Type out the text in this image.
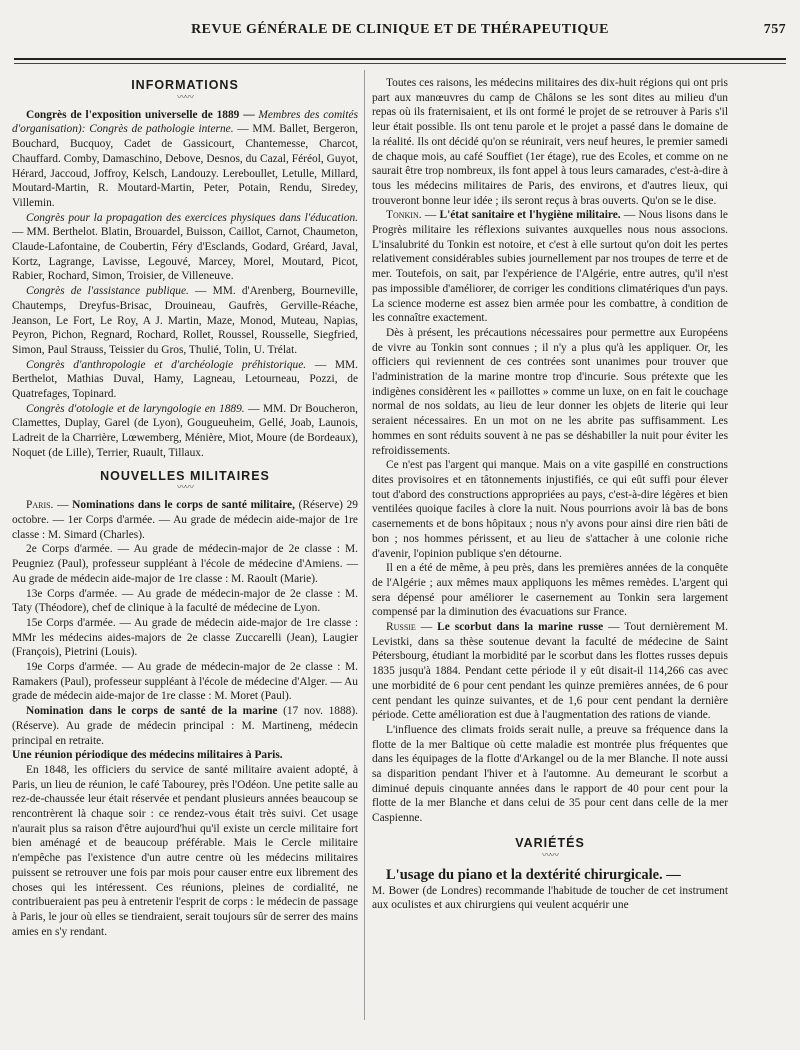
REVUE GÉNÉRALE DE CLINIQUE ET DE THÉRAPEUTIQUE	757
INFORMATIONS
〰〰

Congrès de l'exposition universelle de 1889 — Membres des comités d'organisation): Congrès de pathologie interne. — MM. Ballet, Bergeron, Bouchard, Bucquoy, Cadet de Gassicourt, Chantemesse, Charcot, Chauffard. Comby, Damaschino, Debove, Desnos, du Cazal, Féréol, Guyot, Hérard, Jaccoud, Joffroy, Kelsch, Landouzy. Lereboullet, Letulle, Millard, Moutard-Martin, R. Moutard-Martin, Peter, Potain, Rendu, Siredey, Villemin.

Congrès pour la propagation des exercices physiques dans l'éducation. — MM. Berthelot. Blatin, Brouardel, Buisson, Caillot, Carnot, Chaumeton, Claude-Lafontaine, de Coubertin, Féry d'Esclands, Godard, Gréard, Javal, Kortz, Lagrange, Lavisse, Legouvé, Marcey, Morel, Moutard, Picot, Rabier, Rochard, Simon, Troisier, de Villeneuve.

Congrès de l'assistance publique. — MM. d'Arenberg, Bourneville, Chautemps, Dreyfus-Brisac, Drouineau, Gaufrès, Gerville-Réache, Jeanson, Le Fort, Le Roy, A J. Martin, Maze, Monod, Muteau, Napias, Peyron, Pichon, Regnard, Rochard, Rollet, Roussel, Rousselle, Siegfried, Simon, Paul Strauss, Teissier du Gros, Thulié, Tolin, U. Trélat.

Congrès d'anthropologie et d'archéologie préhistorique. — MM. Berthelot, Mathias Duval, Hamy, Lagneau, Letourneau, Pozzi, de Quatrefages, Topinard.

Congrès d'otologie et de laryngologie en 1889. — MM. Dr Boucheron, Clamettes, Duplay, Garel (de Lyon), Gougueuheim, Gellé, Joab, Launois, Ladreit de la Charrière, Lœwemberg, Ménière, Miot, Moure (de Bordeaux), Noquet (de Lille), Terrier, Ruault, Tillaux.

NOUVELLES MILITAIRES
〰〰

Paris. — Nominations dans le corps de santé militaire, (Réserve) 29 octobre. — 1er Corps d'armée. — Au grade de médecin aide-major de 1re classe : M. Simard (Charles).

2e Corps d'armée. — Au grade de médecin-major de 2e classe : M. Peugniez (Paul), professeur suppléant à l'école de médecine d'Amiens. — Au grade de médecin aide-major de 1re classe : M. Raoult (Marie).

13e Corps d'armée. — Au grade de médecin-major de 2e classe : M. Taty (Théodore), chef de clinique à la faculté de médecine de Lyon.

15e Corps d'armée. — Au grade de médecin aide-major de 1re classe : MMr les médecins aides-majors de 2e classe Zuccarelli (Jean), Laugier (François), Pietrini (Louis).

19e Corps d'armée. — Au grade de médecin-major de 2e classe : M. Ramakers (Paul), professeur suppléant à l'école de médecine d'Alger. — Au grade de médecin aide-major de 1re classe : M. Moret (Paul).

Nomination dans le corps de santé de la marine (17 nov. 1888). (Réserve). Au grade de médecin principal : M. Martineng, médecin principal en retraite.

Une réunion périodique des médecins militaires à Paris.

En 1848, les officiers du service de santé militaire avaient adopté, à Paris, un lieu de réunion, le café Tabourey, près l'Odéon. Une petite salle au rez-de-chaussée leur était réservée et pendant plusieurs années beaucoup se rencontrèrent là chaque soir : ce rendez-vous était très suivi. Cet usage n'aurait plus sa raison d'être aujourd'hui qu'il existe un cercle militaire fort bien aménagé et de beaucoup préférable. Mais le Cercle militaire n'empêche pas l'existence d'un autre centre où les médecins militaires puissent se retrouver une fois par mois pour causer entre eux librement des choses qui les intéressent. Ces réunions, pleines de cordialité, ne contribueraient pas peu à entretenir l'esprit de corps : le médecin de passage à Paris, le jour où elles se tiendraient, serait toujours sûr de serrer des mains amies en s'y rendant.

Toutes ces raisons, les médecins militaires des dix-huit régions qui ont pris part aux manœuvres du camp de Châlons se les sont dites au milieu d'un repas où ils fraternisaient, et ils ont formé le projet de se retrouver à Paris s'il leur était possible. Ils ont tenu parole et le projet a passé dans le domaine de la réalité. Ils ont décidé qu'on se réunirait, vers neuf heures, le premier samedi de chaque mois, au café Souffiet (1er étage), rue des Ecoles, et comme on ne saurait être trop nombreux, ils font appel à tous leurs camarades, c'est-à-dire à tous les médecins militaires de Paris, des environs, et d'autres lieux, qui trouveront bonne leur idée ; ils seront reçus à bras ouverts. Qu'on se le dise.

Tonkin. — L'état sanitaire et l'hygiène militaire. — Nous lisons dans le Progrès militaire les réflexions suivantes auxquelles nous nous associons. L'insalubrité du Tonkin est notoire, et c'est à elle surtout qu'on doit les pertes relativement considérables subies journellement par nos troupes de terre et de mer. Toutefois, on sait, par l'expérience de l'Algérie, entre autres, qu'il n'est pas impossible d'améliorer, de corriger les conditions climatériques d'un pays. La science moderne est assez bien armée pour les combattre, à condition de les connaître exactement.

Dès à présent, les précautions nécessaires pour permettre aux Européens de vivre au Tonkin sont connues ; il n'y a plus qu'à les appliquer. Or, les officiers qui reviennent de ces contrées sont unanimes pour trouver que l'administration de la marine montre trop d'incurie. Sous prétexte que les indigènes considèrent les « paillottes » comme un luxe, on en fait le couchage normal de nos soldats, au lieu de leur donner les objets de literie qui leur seraient nécessaires. En un mot on ne les abrite pas suffisamment. Les hommes en sont réduits souvent à ne pas se déshabiller la nuit pour éviter les refroidissements.

Ce n'est pas l'argent qui manque. Mais on a vite gaspillé en constructions dites provisoires et en tâtonnements injustifiés, ce qui eût suffi pour élever tout d'abord des constructions appropriées au pays, c'est-à-dire légères et bien ventilées quoique faciles à clore la nuit. Nous pourrions avoir là bas de bons casernements et de bons hôpitaux ; nous n'y avons pour ainsi dire rien bâti de bon ; nos hommes périssent, et au lieu de s'attacher à une colonie riche d'avenir, l'opinion publique s'en détourne.

Il en a été de même, à peu près, dans les premières années de la conquête de l'Algérie ; aux mêmes maux appliquons les mêmes remèdes. L'argent qui sera dépensé pour améliorer le casernement au Tonkin sera largement compensé par la diminution des évacuations sur France.

Russie — Le scorbut dans la marine russe — Tout dernièrement M. Levistki, dans sa thèse soutenue devant la faculté de médecine de Saint Pétersbourg, étudiant la morbidité par le scorbut dans les flottes russes depuis 1835 jusqu'à 1884. Pendant cette période il y eût disait-il 114,266 cas avec une morbidité de 6 pour cent pendant les quinze premières années, de 6 pour cent pendant les quinze suivantes, et de 1,6 pour cent pendant la dernière période. Cette amélioration est due à l'augmentation des rations de viande.

L'influence des climats froids serait nulle, a preuve sa fréquence dans la flotte de la mer Baltique où cette maladie est montrée plus fréquentes que dans les équipages de la flotte d'Arkangel ou de la mer Blanche. Il note aussi sa disparition pendant l'hiver et à l'automne. Au demeurant le scorbut a diminué depuis cinquante années dans le rapport de 40 pour cent pour la flotte de la mer Blanche et dans celui de 35 pour cent dans celle de la mer Caspienne.

VARIÉTÉS
〰〰

L'usage du piano et la dextérité chirurgicale. —

M. Bower (de Londres) recommande l'habitude de toucher de cet instrument aux oculistes et aux chirurgiens qui veulent acquérir une
